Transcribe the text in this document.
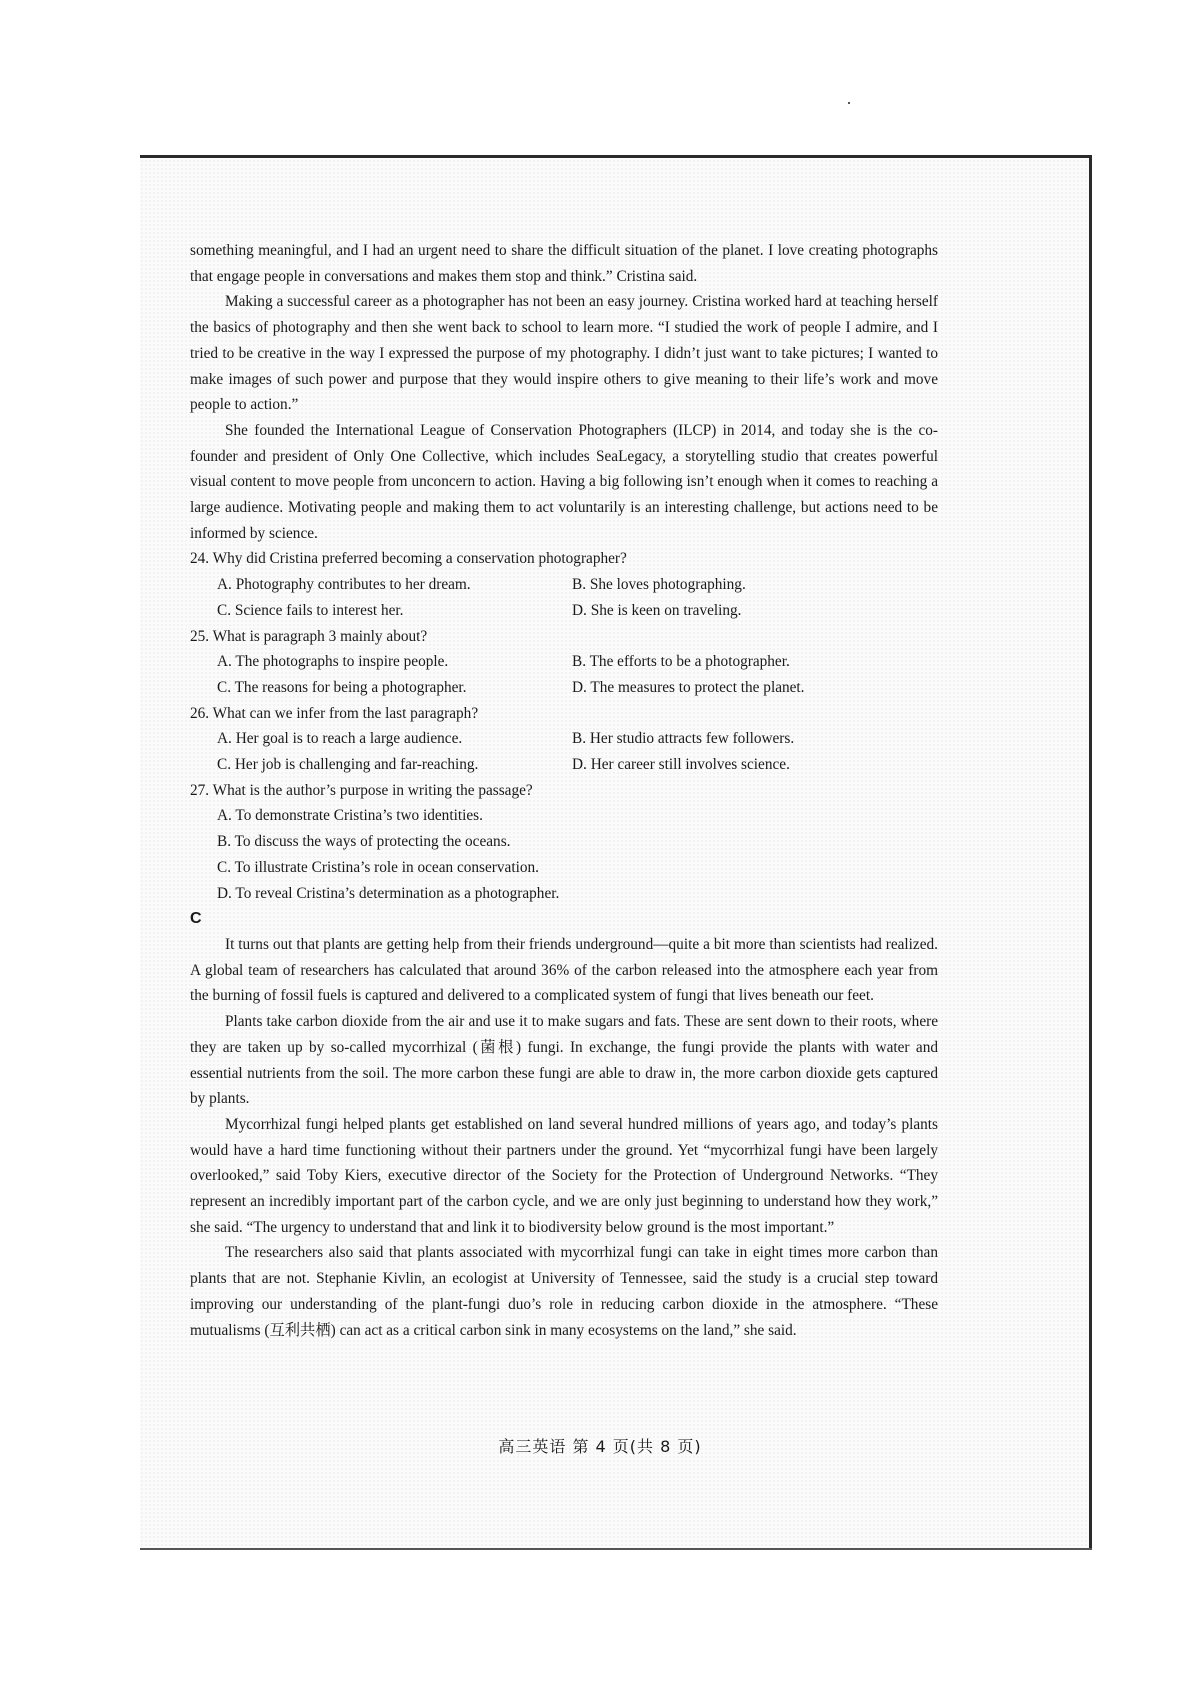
something meaningful, and I had an urgent need to share the difficult situation of the planet. I love creating photographs that engage people in conversations and makes them stop and think.” Cristina said.

Making a successful career as a photographer has not been an easy journey. Cristina worked hard at teaching herself the basics of photography and then she went back to school to learn more. “I studied the work of people I admire, and I tried to be creative in the way I expressed the purpose of my photography. I didn’t just want to take pictures; I wanted to make images of such power and purpose that they would inspire others to give meaning to their life’s work and move people to action.”

She founded the International League of Conservation Photographers (ILCP) in 2014, and today she is the co-founder and president of Only One Collective, which includes SeaLegacy, a storytelling studio that creates powerful visual content to move people from unconcern to action. Having a big following isn’t enough when it comes to reaching a large audience. Motivating people and making them to act voluntarily is an interesting challenge, but actions need to be informed by science.

24. Why did Cristina preferred becoming a conservation photographer?

A. Photography contributes to her dream.	B. She loves photographing.
C. Science fails to interest her.	D. She is keen on traveling.

25. What is paragraph 3 mainly about?

A. The photographs to inspire people.	B. The efforts to be a photographer.
C. The reasons for being a photographer.	D. The measures to protect the planet.

26. What can we infer from the last paragraph?

A. Her goal is to reach a large audience.	B. Her studio attracts few followers.
C. Her job is challenging and far-reaching.	D. Her career still involves science.

27. What is the author’s purpose in writing the passage?

A. To demonstrate Cristina’s two identities.
B. To discuss the ways of protecting the oceans.
C. To illustrate Cristina’s role in ocean conservation.
D. To reveal Cristina’s determination as a photographer.

C

It turns out that plants are getting help from their friends underground—quite a bit more than scientists had realized. A global team of researchers has calculated that around 36% of the carbon released into the atmosphere each year from the burning of fossil fuels is captured and delivered to a complicated system of fungi that lives beneath our feet.

Plants take carbon dioxide from the air and use it to make sugars and fats. These are sent down to their roots, where they are taken up by so-called mycorrhizal (菌根) fungi. In exchange, the fungi provide the plants with water and essential nutrients from the soil. The more carbon these fungi are able to draw in, the more carbon dioxide gets captured by plants.

Mycorrhizal fungi helped plants get established on land several hundred millions of years ago, and today’s plants would have a hard time functioning without their partners under the ground. Yet “mycorrhizal fungi have been largely overlooked,” said Toby Kiers, executive director of the Society for the Protection of Underground Networks. “They represent an incredibly important part of the carbon cycle, and we are only just beginning to understand how they work,” she said. “The urgency to understand that and link it to biodiversity below ground is the most important.”

The researchers also said that plants associated with mycorrhizal fungi can take in eight times more carbon than plants that are not. Stephanie Kivlin, an ecologist at University of Tennessee, said the study is a crucial step toward improving our understanding of the plant-fungi duo’s role in reducing carbon dioxide in the atmosphere. “These mutualisms (互利共栖) can act as a critical carbon sink in many ecosystems on the land,” she said.

高三英语 第 4 页(共 8 页)
